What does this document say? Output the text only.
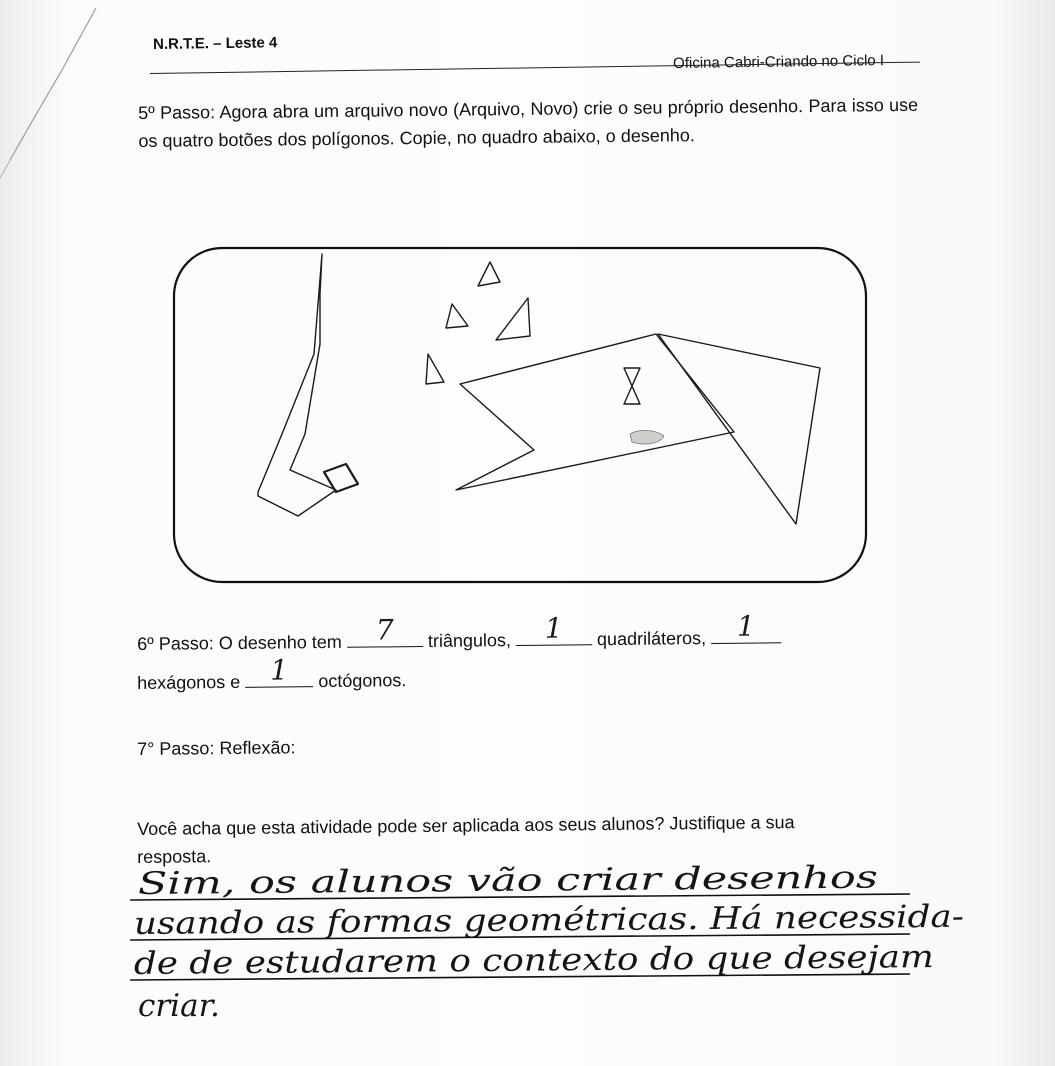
N.R.T.E. – Leste 4
Oficina Cabri-Criando no Ciclo I

5º Passo: Agora abra um arquivo novo (Arquivo, Novo) crie o seu próprio desenho. Para isso use os quatro botões dos polígonos. Copie, no quadro abaixo, o desenho.

6º Passo: O desenho tem	7	triângulos,	1	quadriláteros,	1

hexágonos e	1	octógonos.

7° Passo: Reflexão:

Você acha que esta atividade pode ser aplicada aos seus alunos? Justifique a sua

resposta.

Sim, os alunos vão criar desenhos
usando as formas geométricas. Há necessida-
de de estudarem o contexto do que desejam
criar.
